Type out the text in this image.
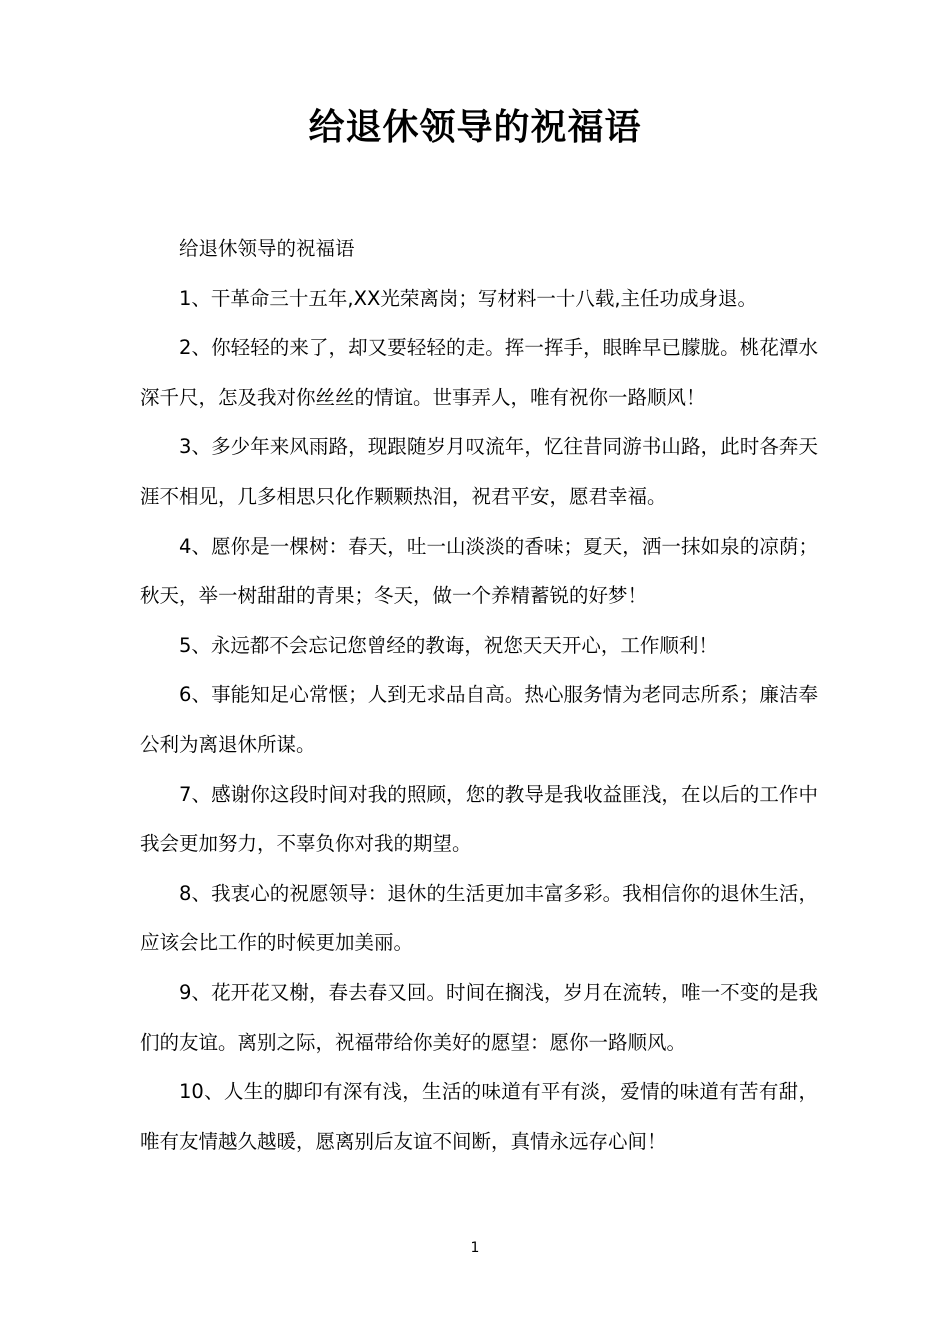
给退休领导的祝福语

给退休领导的祝福语

1、干革命三十五年,XX光荣离岗；写材料一十八载,主任功成身退。

2、你轻轻的来了，却又要轻轻的走。挥一挥手，眼眸早已朦胧。桃花潭水深千尺，怎及我对你丝丝的情谊。世事弄人，唯有祝你一路顺风！

3、多少年来风雨路，现跟随岁月叹流年，忆往昔同游书山路，此时各奔天涯不相见，几多相思只化作颗颗热泪，祝君平安，愿君幸福。

4、愿你是一棵树：春天，吐一山淡淡的香味；夏天，洒一抹如泉的凉荫；秋天，举一树甜甜的青果；冬天，做一个养精蓄锐的好梦！

5、永远都不会忘记您曾经的教诲，祝您天天开心，工作顺利！

6、事能知足心常惬；人到无求品自高。热心服务情为老同志所系；廉洁奉公利为离退休所谋。

7、感谢你这段时间对我的照顾，您的教导是我收益匪浅，在以后的工作中我会更加努力，不辜负你对我的期望。

8、我衷心的祝愿领导：退休的生活更加丰富多彩。我相信你的退休生活，应该会比工作的时候更加美丽。

9、花开花又榭，春去春又回。时间在搁浅，岁月在流转，唯一不变的是我们的友谊。离别之际，祝福带给你美好的愿望：愿你一路顺风。

10、人生的脚印有深有浅，生活的味道有平有淡，爱情的味道有苦有甜，唯有友情越久越暖，愿离别后友谊不间断，真情永远存心间！

1
